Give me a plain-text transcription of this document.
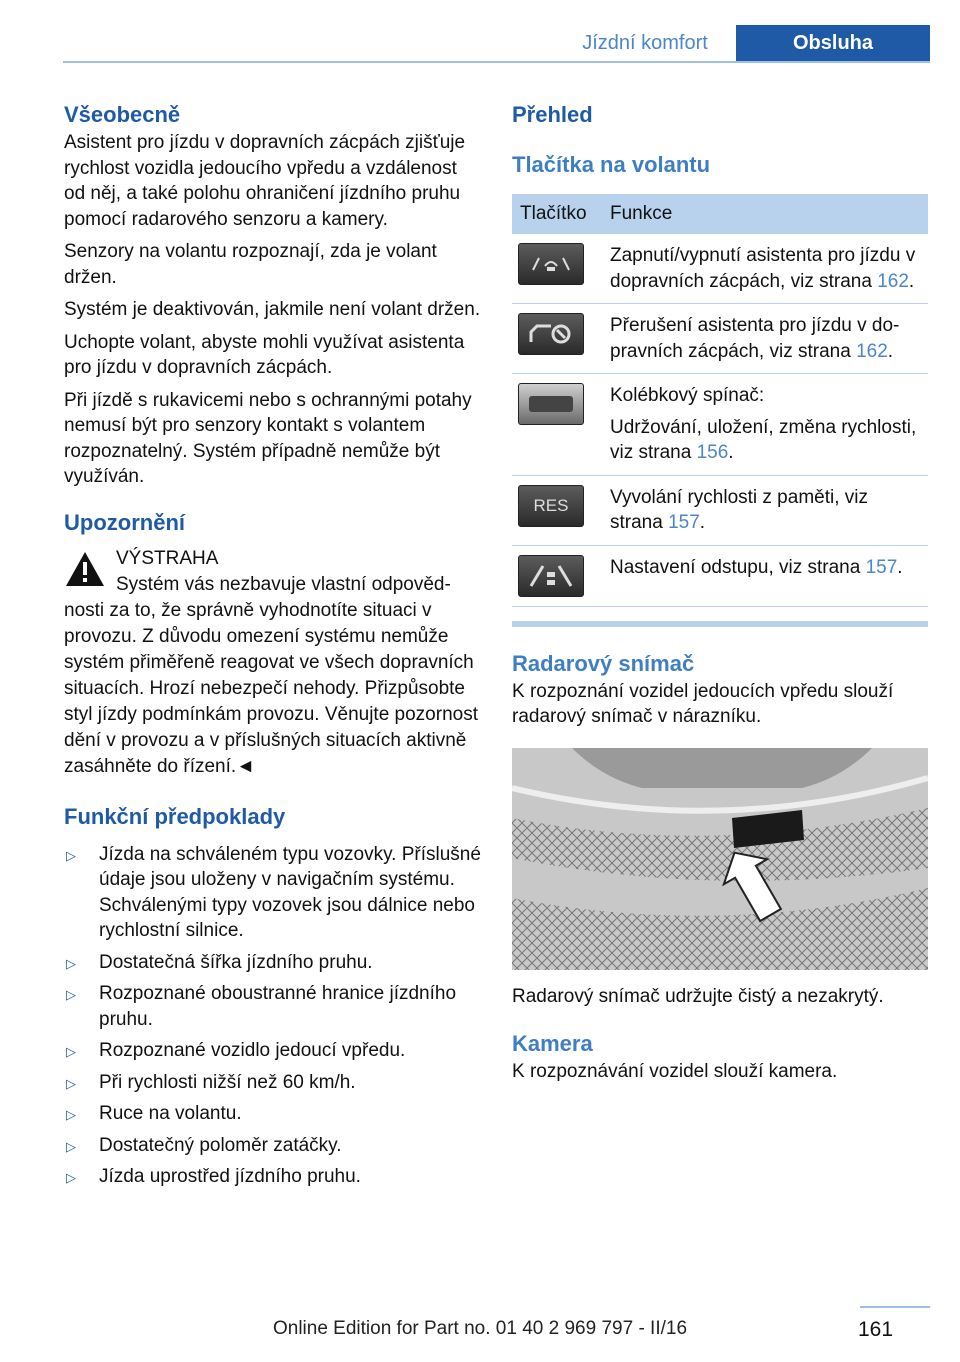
Jízdní komfort	Obsluha
Všeobecně
Asistent pro jízdu v dopravních zácpách zjišťuje rychlost vozidla jedoucího vpředu a vzdálenost od něj, a také polohu ohraničení jízdního pruhu pomocí radarového senzoru a kamery.
Senzory na volantu rozpoznají, zda je volant držen.
Systém je deaktivován, jakmile není volant držen.
Uchopte volant, abyste mohli využívat asistenta pro jízdu v dopravních zácpách.
Při jízdě s rukavicemi nebo s ochrannými potahy nemusí být pro senzory kontakt s volantem rozpoznatelný. Systém případně nemůže být využíván.
Upozornění
VÝSTRAHA
Systém vás nezbavuje vlastní odpovědnosti za to, že správně vyhodnotíte situaci v provozu. Z důvodu omezení systému nemůže systém přiměřeně reagovat ve všech dopravních situacích. Hrozí nebezpečí nehody. Přizpůsobte styl jízdy podmínkám provozu. Věnujte pozornost dění v provozu a v příslušných situacích aktivně zasáhněte do řízení.◄
Funkční předpoklady
▷ Jízda na schváleném typu vozovky. Příslušné údaje jsou uloženy v navigačním systému. Schválenými typy vozovek jsou dálnice nebo rychlostní silnice.
▷ Dostatečná šířka jízdního pruhu.
▷ Rozpoznané oboustranné hranice jízdního pruhu.
▷ Rozpoznané vozidlo jedoucí vpředu.
▷ Při rychlosti nižší než 60 km/h.
▷ Ruce na volantu.
▷ Dostatečný poloměr zatáčky.
▷ Jízda uprostřed jízdního pruhu.
Přehled
Tlačítka na volantu
Tlačítko	Funkce

	Zapnutí/vypnutí asistenta pro jízdu v dopravních zácpách, viz strana 162.

	Přerušení asistenta pro jízdu v dopravních zácpách, viz strana 162.

Kolébkový spínač:
Udržování, uložení, změna rychlosti, viz strana 156.

RES	Vyvolání rychlosti z paměti, viz strana 157.

	Nastavení odstupu, viz strana 157.
Radarový snímač
K rozpoznání vozidel jedoucích vpředu slouží radarový snímač v nárazníku.
Radarový snímač udržujte čistý a nezakrytý.
Kamera
K rozpoznávání vozidel slouží kamera.
161
Online Edition for Part no. 01 40 2 969 797 - II/16
